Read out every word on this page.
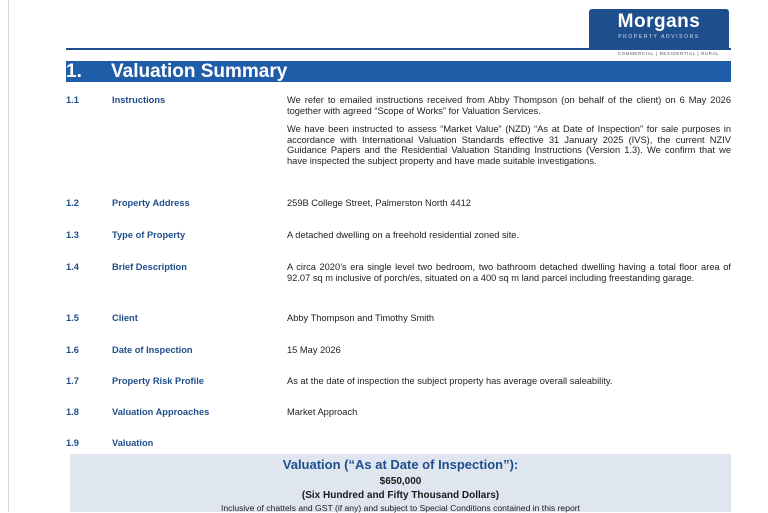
Morgans
PROPERTY ADVISORS
COMMERCIAL | RESIDENTIAL | RURAL
1. Valuation Summary
1.1	Instructions	We refer to emailed instructions received from Abby Thompson (on behalf of the client) on 6 May 2026 together with agreed “Scope of Works” for Valuation Services.

We have been instructed to assess “Market Value” (NZD) “As at Date of Inspection” for sale purposes in accordance with International Valuation Standards effective 31 January 2025 (IVS), the current NZIV Guidance Papers and the Residential Valuation Standing Instructions (Version 1.3). We confirm that we have inspected the subject property and have made suitable investigations.

1.2	Property Address	259B College Street, Palmerston North 4412
1.3	Type of Property	A detached dwelling on a freehold residential zoned site.
1.4	Brief Description	A circa 2020’s era single level two bedroom, two bathroom detached dwelling having a total floor area of 92.07 sq m inclusive of porch/es, situated on a 400 sq m land parcel including freestanding garage.
1.5	Client	Abby Thompson and Timothy Smith
1.6	Date of Inspection	15 May 2026
1.7	Property Risk Profile	As at the date of inspection the subject property has average overall saleability.
1.8	Valuation Approaches	Market Approach
1.9	Valuation
Valuation (“As at Date of Inspection”):
$650,000
(Six Hundred and Fifty Thousand Dollars)
Inclusive of chattels and GST (if any) and subject to Special Conditions contained in this report
